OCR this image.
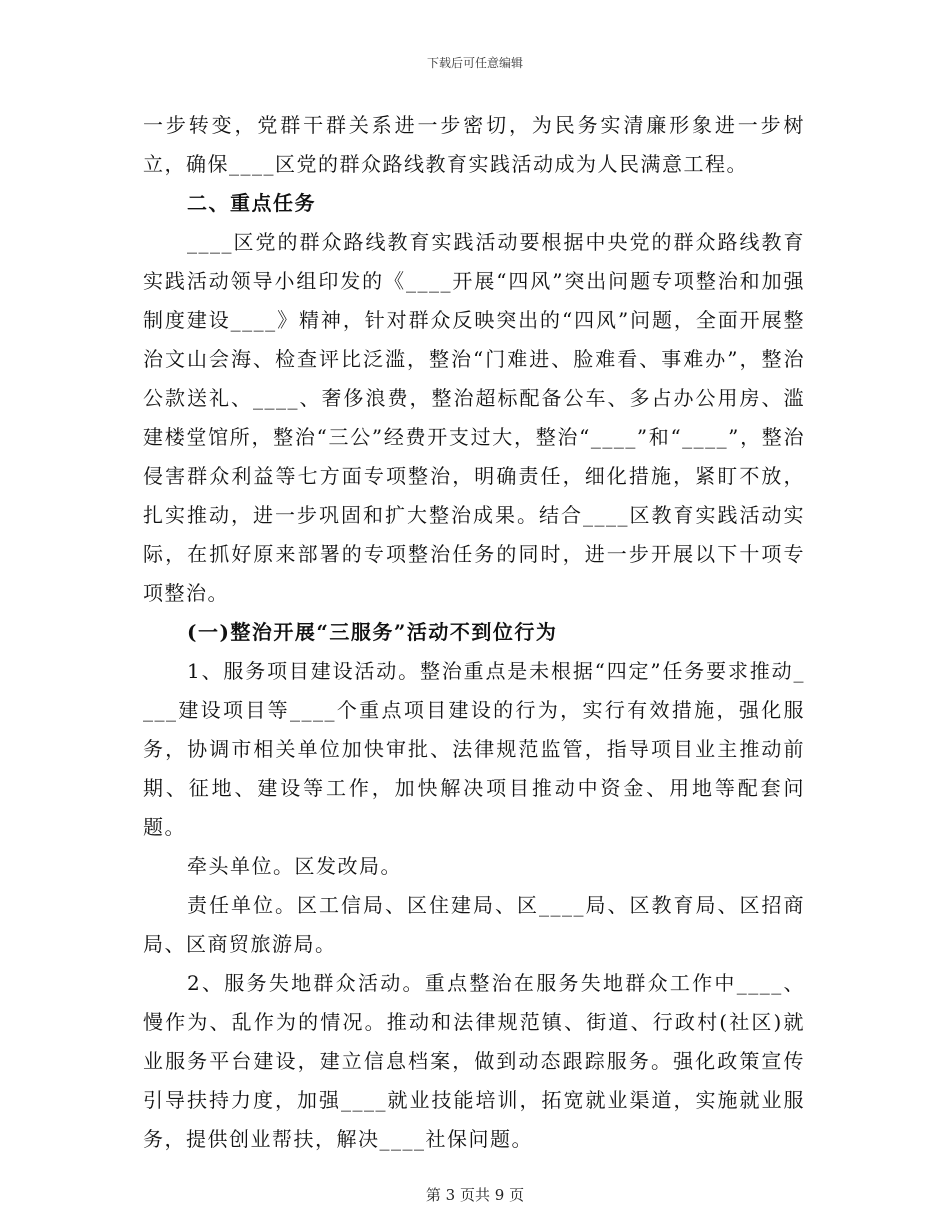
下载后可任意编辑

一步转变，党群干群关系进一步密切，为民务实清廉形象进一步树立，确保____区党的群众路线教育实践活动成为人民满意工程。

二、重点任务

____区党的群众路线教育实践活动要根据中央党的群众路线教育实践活动领导小组印发的《____开展“四风”突出问题专项整治和加强制度建设____》精神，针对群众反映突出的“四风”问题，全面开展整治文山会海、检查评比泛滥，整治“门难进、脸难看、事难办”，整治公款送礼、____、奢侈浪费，整治超标配备公车、多占办公用房、滥建楼堂馆所，整治“三公”经费开支过大，整治“____”和“____”，整治侵害群众利益等七方面专项整治，明确责任，细化措施，紧盯不放，扎实推动，进一步巩固和扩大整治成果。结合____区教育实践活动实际，在抓好原来部署的专项整治任务的同时，进一步开展以下十项专项整治。

(一)整治开展“三服务”活动不到位行为

1、服务项目建设活动。整治重点是未根据“四定”任务要求推动____建设项目等____个重点项目建设的行为，实行有效措施，强化服务，协调市相关单位加快审批、法律规范监管，指导项目业主推动前期、征地、建设等工作，加快解决项目推动中资金、用地等配套问题。

牵头单位。区发改局。

责任单位。区工信局、区住建局、区____局、区教育局、区招商局、区商贸旅游局。

2、服务失地群众活动。重点整治在服务失地群众工作中____、慢作为、乱作为的情况。推动和法律规范镇、街道、行政村(社区)就业服务平台建设，建立信息档案，做到动态跟踪服务。强化政策宣传引导扶持力度，加强____就业技能培训，拓宽就业渠道，实施就业服务，提供创业帮扶，解决____社保问题。

第 3 页共 9 页
